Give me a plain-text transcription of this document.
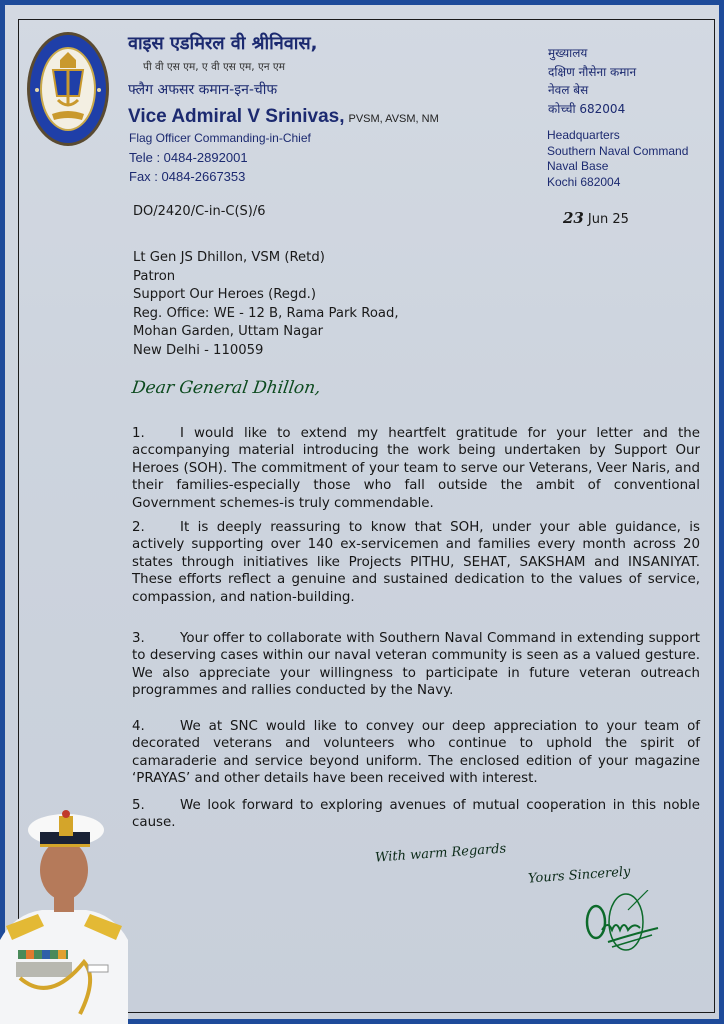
वाइस एडमिरल वी श्रीनिवास,
पी वी एस एम, ए वी एस एम, एन एम
फ्लैग अफसर कमान-इन-चीफ
Vice Admiral V Srinivas, PVSM, AVSM, NM
Flag Officer Commanding-in-Chief
Tele : 0484-2892001
Fax : 0484-2667353
मुख्यालय
दक्षिण नौसेना कमान
नेवल बेस
कोच्ची 682004
Headquarters
Southern Naval Command
Naval Base
Kochi 682004
DO/2420/C-in-C(S)/6	23 Jun 25
Lt Gen JS Dhillon, VSM (Retd)
Patron
Support Our Heroes (Regd.)
Reg. Office: WE - 12 B, Rama Park Road,
Mohan Garden, Uttam Nagar
New Delhi - 110059
Dear General Dhillon,
1.	I would like to extend my heartfelt gratitude for your letter and the accompanying material introducing the work being undertaken by Support Our Heroes (SOH). The commitment of your team to serve our Veterans, Veer Naris, and their families-especially those who fall outside the ambit of conventional Government schemes-is truly commendable.
2.	It is deeply reassuring to know that SOH, under your able guidance, is actively supporting over 140 ex-servicemen and families every month across 20 states through initiatives like Projects PITHU, SEHAT, SAKSHAM and INSANIYAT. These efforts reflect a genuine and sustained dedication to the values of service, compassion, and nation-building.
3.	Your offer to collaborate with Southern Naval Command in extending support to deserving cases within our naval veteran community is seen as a valued gesture. We also appreciate your willingness to participate in future veteran outreach programmes and rallies conducted by the Navy.
4.	We at SNC would like to convey our deep appreciation to your team of decorated veterans and volunteers who continue to uphold the spirit of camaraderie and service beyond uniform. The enclosed edition of your magazine ‘PRAYAS’ and other details have been received with interest.
5.	We look forward to exploring avenues of mutual cooperation in this noble cause.
With warm Regards
Yours Sincerely
